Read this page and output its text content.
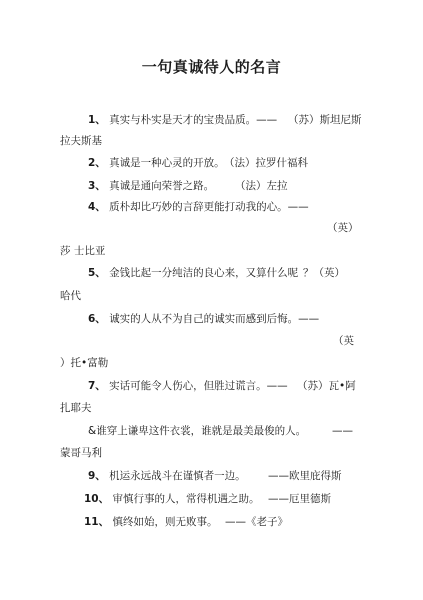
一句真诚待人的名言
1、 真实与朴实是天才的宝贵品质。—— （苏）斯坦尼斯
拉夫斯基
2、 真诚是一种心灵的开放。 （法）拉罗什福科
3、 真诚是通向荣誉之路。 （法）左拉
4、 质朴却比巧妙的言辞更能打动我的心。——
（英）
莎 士比亚
5、 金钱比起一分纯洁的良心来，又算什么呢 ？（英）
哈代
6、 诚实的人从不为自己的诚实而感到后悔。——
（英
）托•富勒
7、 实话可能令人伤心，但胜过谎言。—— （苏）瓦•阿
扎耶夫
&谁穿上谦卑这件衣裳，谁就是最美最俊的人。 ——
蒙哥马利
9、 机运永远战斗在谨慎者一边。 ——欧里庇得斯
10、 审慎行事的人，常得机遇之助。 ——厄里德斯
11、 慎终如始，则无败事。 ——《老子》
